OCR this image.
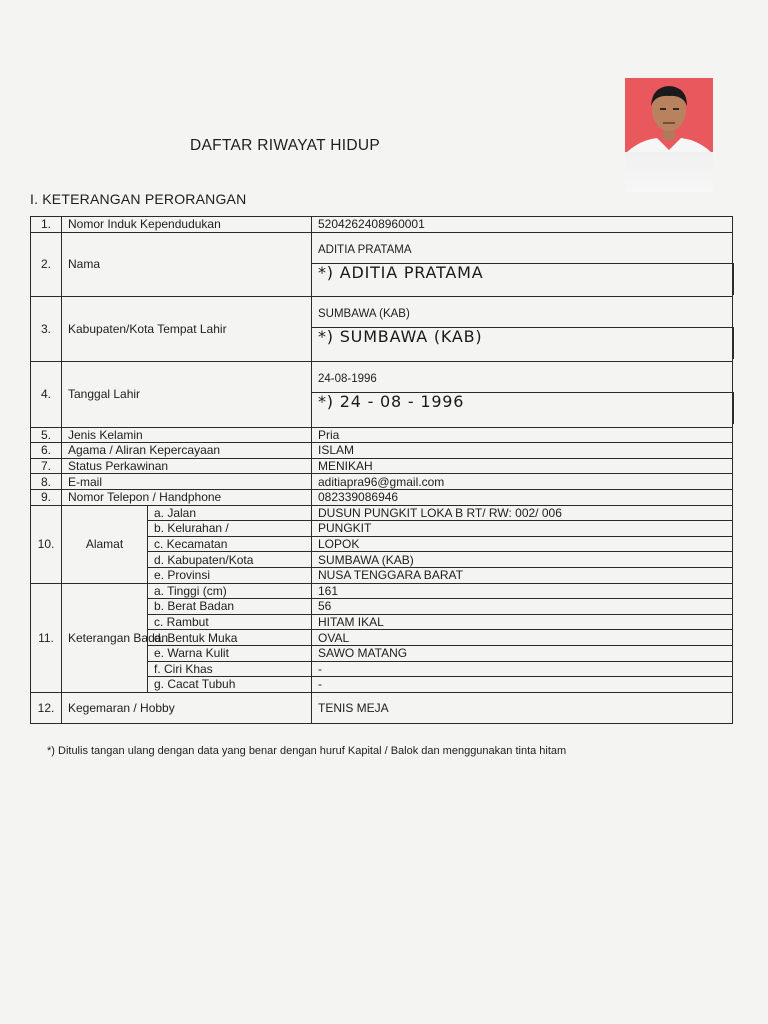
DAFTAR RIWAYAT HIDUP
I. KETERANGAN PERORANGAN
1.	Nomor Induk Kependudukan		5204262408960001
2.	Nama		ADITIA PRATAMA
*) ADITIA PRATAMA

3.	Kabupaten/Kota Tempat Lahir		SUMBAWA (KAB)
*) SUMBAWA (KAB)

4.	Tanggal Lahir		24-08-1996
*) 24 - 08 - 1996

5.	Jenis Kelamin		Pria
6.	Agama / Aliran Kepercayaan		ISLAM
7.	Status Perkawinan		MENIKAH
8.	E-mail		aditiapra96@gmail.com
9.	Nomor Telepon / Handphone		082339086946
10.	Alamat	a. Jalan	DUSUN PUNGKIT LOKA B RT/ RW: 002/ 006
		b. Kelurahan /	PUNGKIT
		c. Kecamatan	LOPOK
		d. Kabupaten/Kota	SUMBAWA (KAB)
		e. Provinsi	NUSA TENGGARA BARAT
11.	Keterangan Badan	a. Tinggi (cm)	161
		b. Berat Badan	56
		c. Rambut	HITAM IKAL
		d. Bentuk Muka	OVAL
		e. Warna Kulit	SAWO MATANG
		f. Ciri Khas	-
		g. Cacat Tubuh	-
12.	Kegemaran / Hobby		TENIS MEJA
*) Ditulis tangan ulang dengan data yang benar dengan huruf Kapital / Balok dan menggunakan tinta hitam
